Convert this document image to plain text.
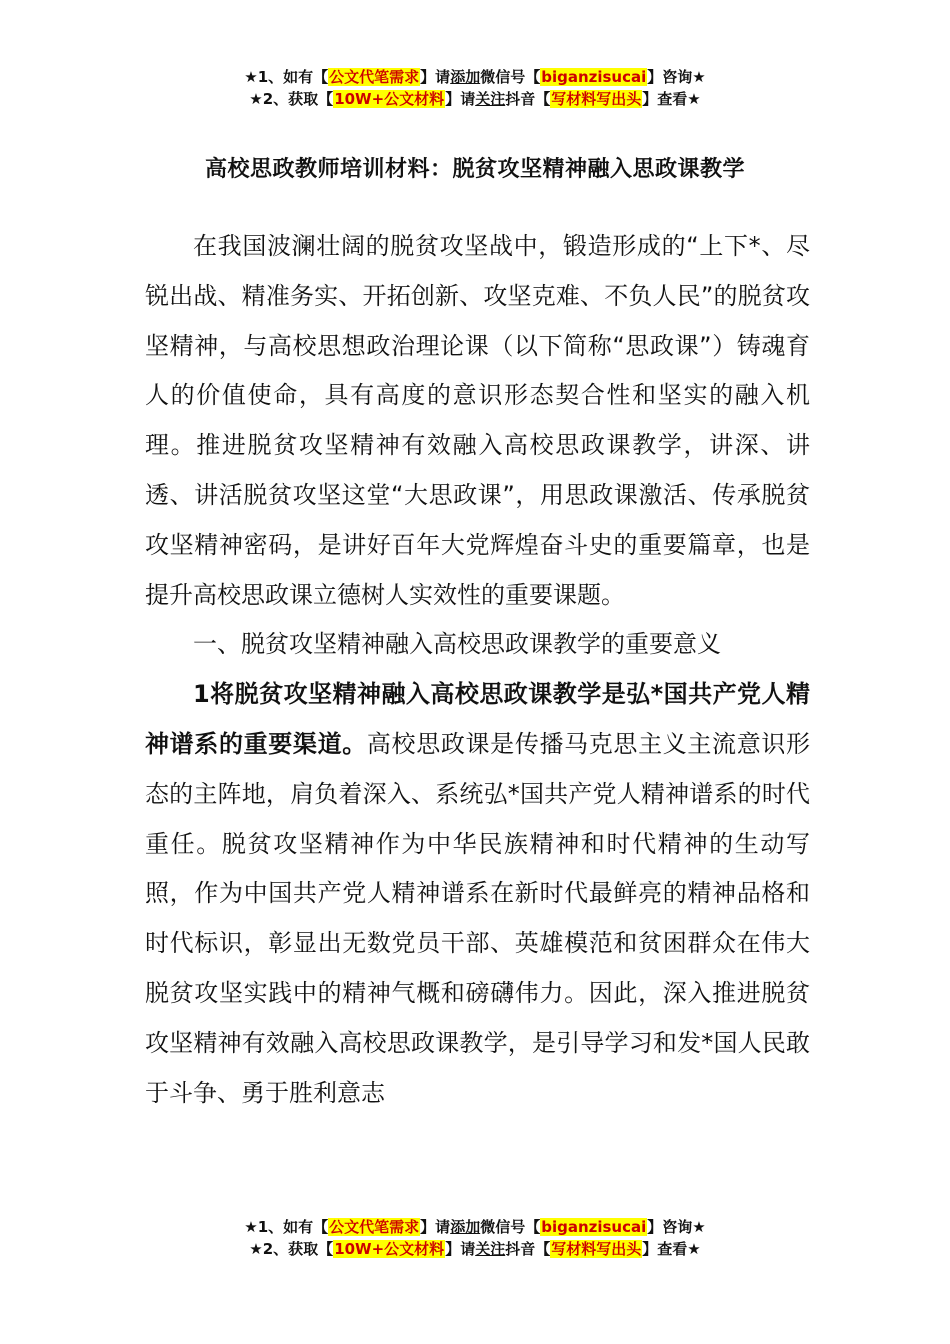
★1、如有【公文代笔需求】请添加微信号【biganzisucai】咨询★
★2、获取【10W+公文材料】请关注抖音【写材料写出头】查看★
高校思政教师培训材料：脱贫攻坚精神融入思政课教学

在我国波澜壮阔的脱贫攻坚战中，锻造形成的“上下*、尽锐出战、精准务实、开拓创新、攻坚克难、不负人民”的脱贫攻坚精神，与高校思想政治理论课（以下简称“思政课”）铸魂育人的价值使命，具有高度的意识形态契合性和坚实的融入机理。推进脱贫攻坚精神有效融入高校思政课教学，讲深、讲透、讲活脱贫攻坚这堂“大思政课”，用思政课激活、传承脱贫攻坚精神密码，是讲好百年大党辉煌奋斗史的重要篇章，也是提升高校思政课立德树人实效性的重要课题。

一、脱贫攻坚精神融入高校思政课教学的重要意义

1将脱贫攻坚精神融入高校思政课教学是弘*国共产党人精神谱系的重要渠道。高校思政课是传播马克思主义主流意识形态的主阵地，肩负着深入、系统弘*国共产党人精神谱系的时代重任。脱贫攻坚精神作为中华民族精神和时代精神的生动写照，作为中国共产党人精神谱系在新时代最鲜亮的精神品格和时代标识，彰显出无数党员干部、英雄模范和贫困群众在伟大脱贫攻坚实践中的精神气概和磅礴伟力。因此，深入推进脱贫攻坚精神有效融入高校思政课教学，是引导学习和发*国人民敢于斗争、勇于胜利意志

★1、如有【公文代笔需求】请添加微信号【biganzisucai】咨询★
★2、获取【10W+公文材料】请关注抖音【写材料写出头】查看★
